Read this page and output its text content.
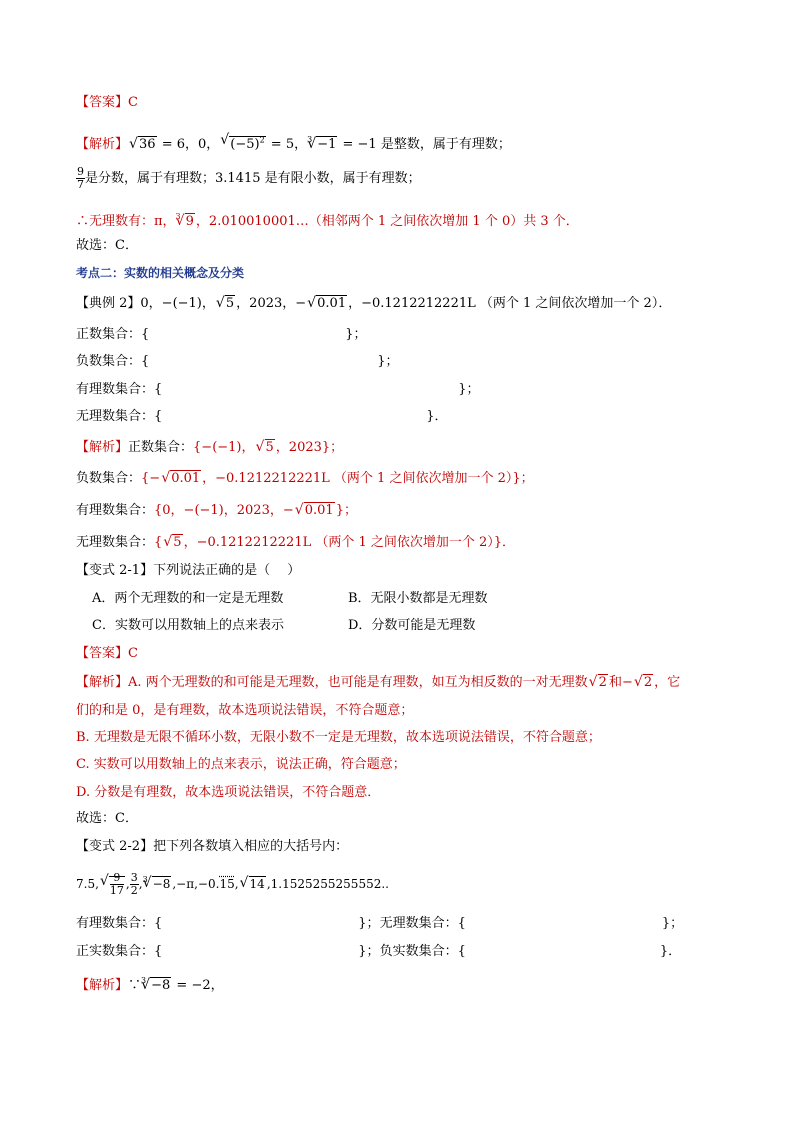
【答案】C
【解析】 √ 36 = 6，0， √ $(-5)^2 = 5$，$^3$ √ −1 = −1 是整数，属于有理数；
$\frac{9}{7}$ 是分数，属于有理数；3.1415 是有限小数，属于有理数；
∴无理数有：π，$^3$ √ 9 ，2.010010001…（相邻两个 1 之间依次增加 1 个 0）共 3 个．
故选：C．
考点二：实数的相关概念及分类
【典例 2】0，−(−1)， √ 5 ，2023，− √ 0.01 ，−0.1212212221L （两个 1 之间依次增加一个 2）．
正数集合：{	}；
负数集合：{	}；
有理数集合：{	}；
无理数集合：{	}．
【解析】正数集合：{−(−1)， √ 5 ，2023}；
负数集合：{− √ 0.01 ，−0.1212212221L （两个 1 之间依次增加一个 2）}；
有理数集合：{0，−(−1)，2023，− √ 0.01 }；
无理数集合：{ √ 5 ，−0.1212212221L （两个 1 之间依次增加一个 2）}．
【变式 2-1】下列说法正确的是（　 ）
A．两个无理数的和一定是无理数	B．无限小数都是无理数
C．实数可以用数轴上的点来表示	D．分数可能是无理数
【答案】C
【解析】A. 两个无理数的和可能是无理数，也可能是有理数，如互为相反数的一对无理数 √ 2 和− √ 2 ，它
们的和是 0，是有理数，故本选项说法错误，不符合题意；
B. 无理数是无限不循环小数，无限小数不一定是无理数，故本选项说法错误，不符合题意；
C. 实数可以用数轴上的点来表示，说法正确，符合题意；
D. 分数是有理数，故本选项说法错误，不符合题意．
故选：C．
【变式 2-2】把下列各数填入相应的大括号内：
7.5, √ $\frac{9}{17}$ , $\frac{3}{2} ,^3$ √ −8 ,−π,−0.15, √ 14 ,1.1525255255552..
有理数集合：{	}；无理数集合：{	}；
正实数集合：{	}；负实数集合：{	}．
【解析】∵$^3$ √ −8 = −2，
